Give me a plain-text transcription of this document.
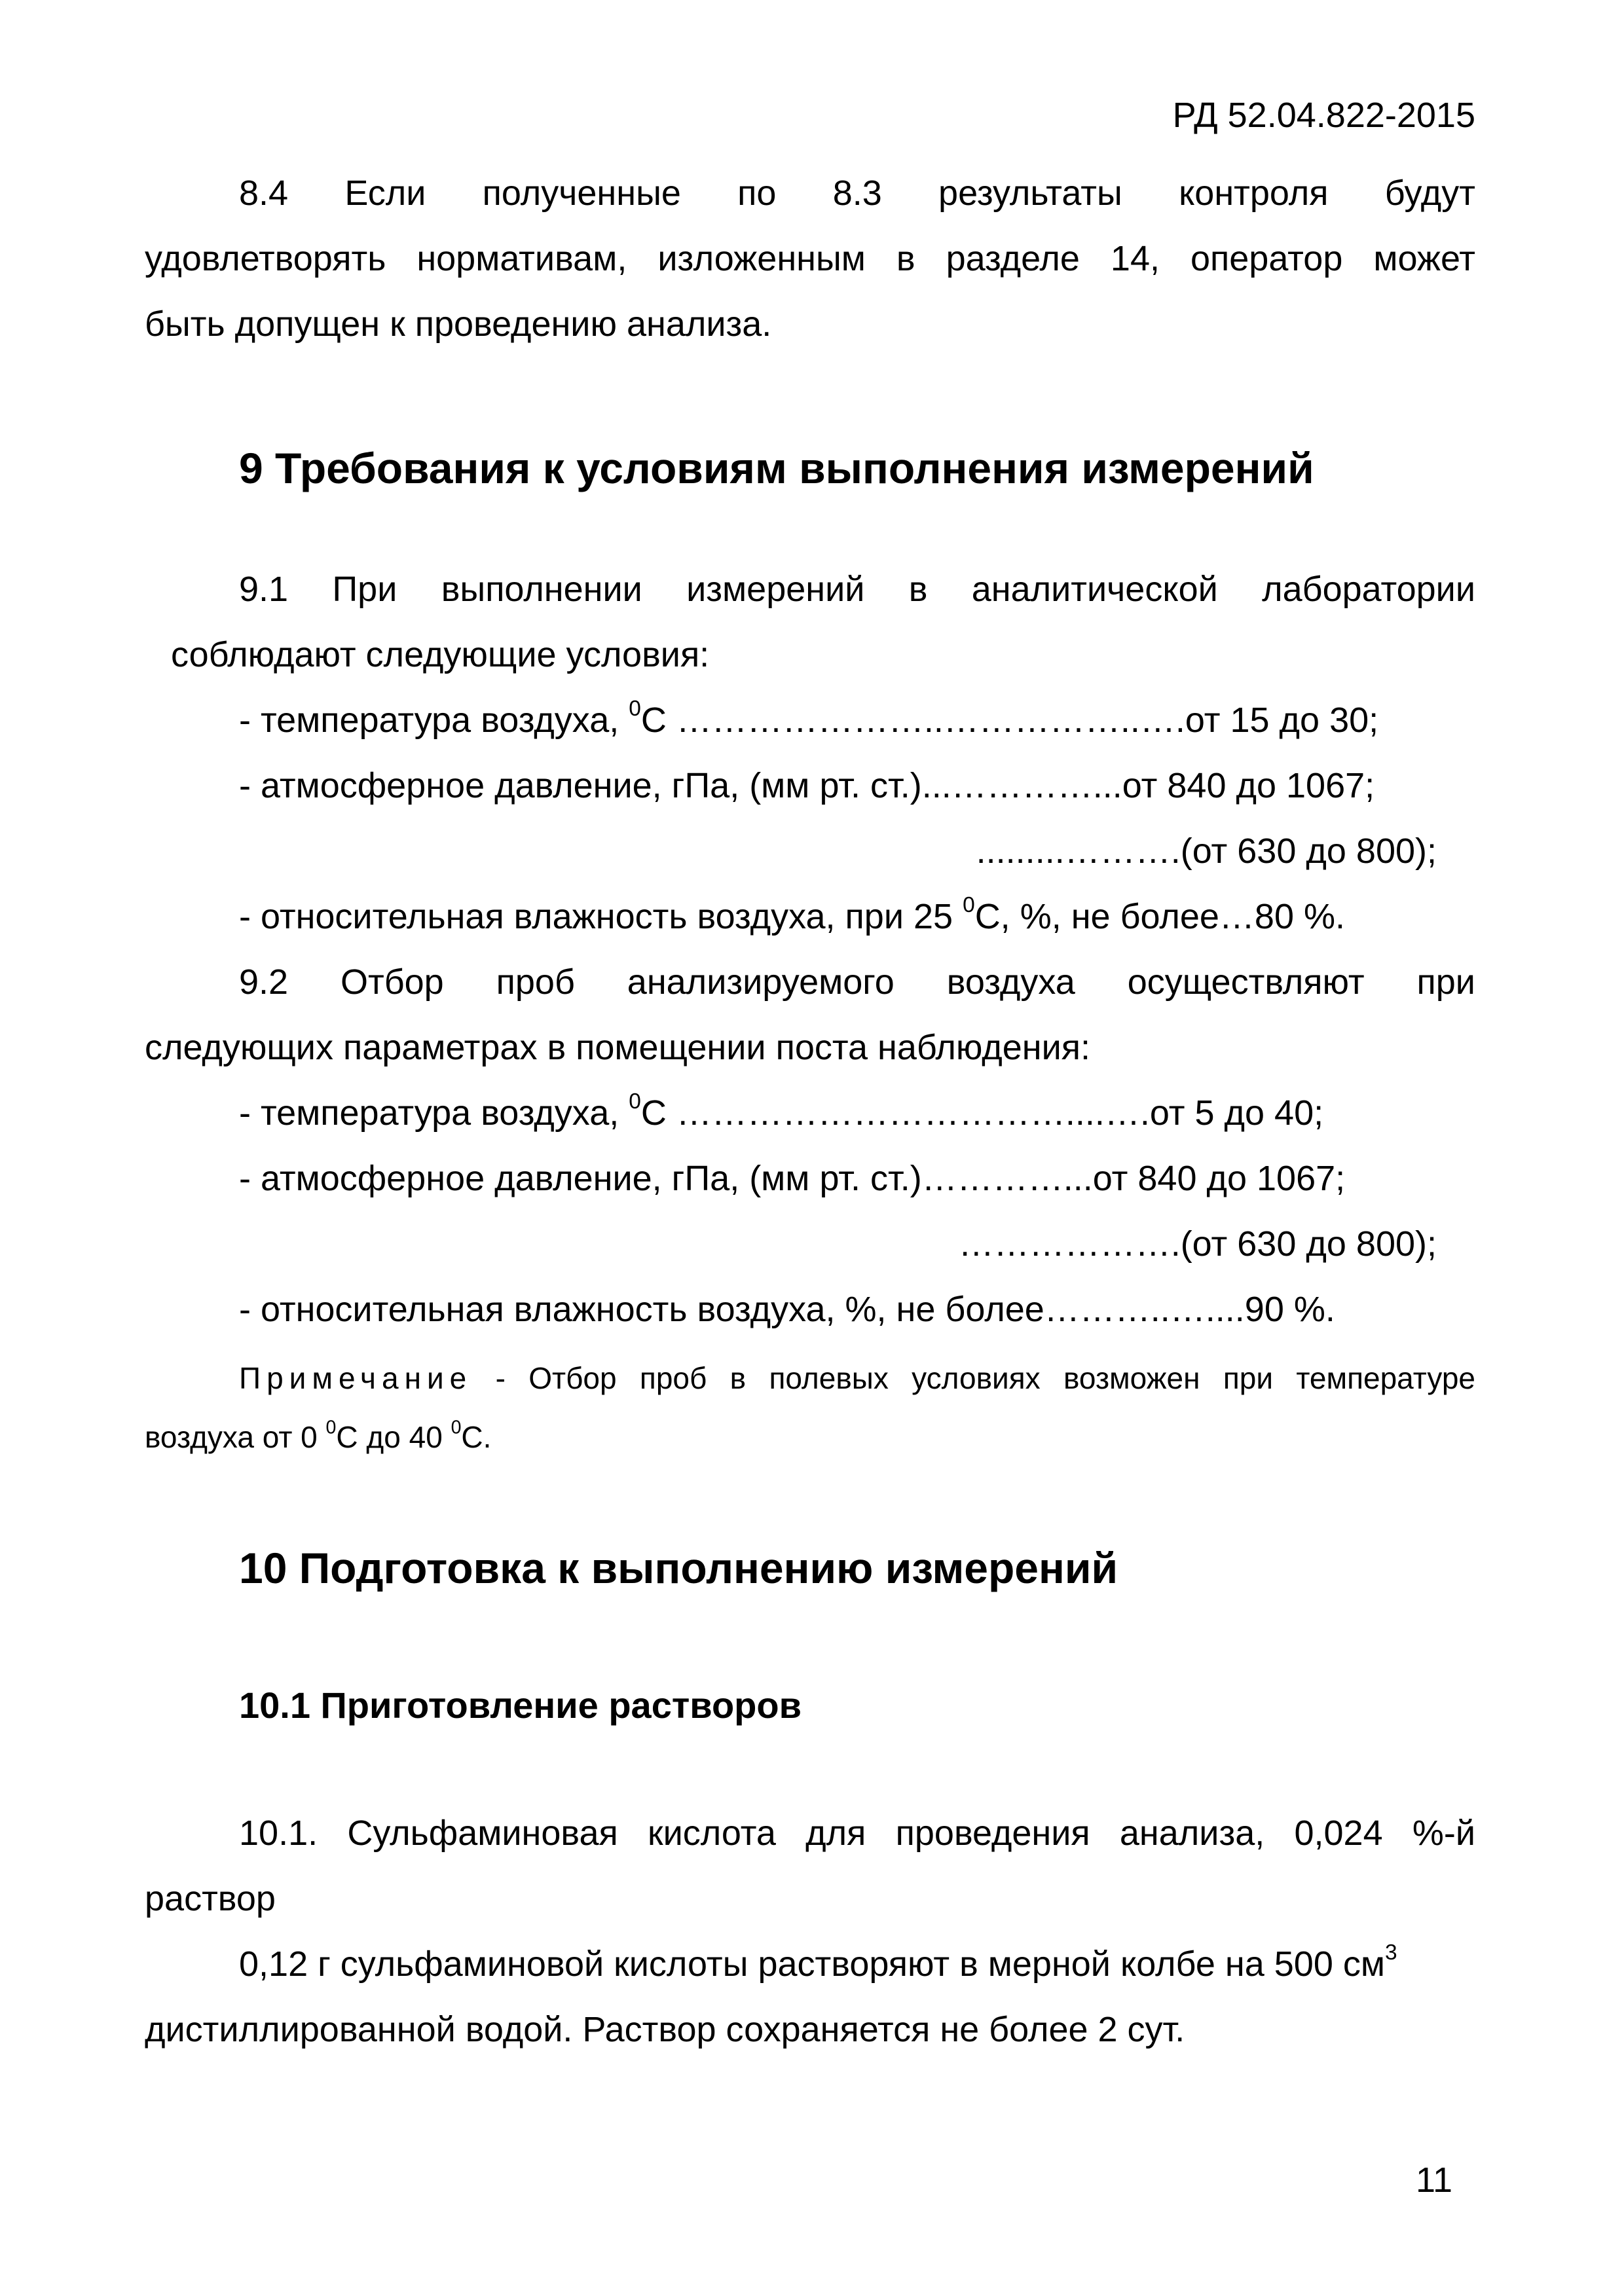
РД 52.04.822-2015
8.4 Если полученные по 8.3 результаты контроля будут
удовлетворять нормативам, изложенным в разделе 14, оператор может
быть допущен к проведению анализа.
9 Требования к условиям выполнения измерений
9.1 При выполнении измерений в аналитической лаборатории
соблюдают следующие условия:
- температура воздуха, $^0$С …………………..……………..….от 15 до 30;
- атмосферное давление, гПа, (мм рт. ст.)...…………...от 840 до 1067;
.........……….(от 630 до 800);
- относительная влажность воздуха, при 25 $^0$С, %, не более…80 %.
9.2 Отбор проб анализируемого воздуха осуществляют при
следующих параметрах в помещении поста наблюдения:
- температура воздуха, $^0$С ……………………………....….от 5 до 40;
- атмосферное давление, гПа, (мм рт. ст.)…………...от 840 до 1067;
……………….(от 630 до 800);
- относительная влажность воздуха, %, не более………..…....90 %.
Примечание - Отбор проб в полевых условиях возможен при температуре
воздуха от 0 $^0$С до 40 $^0$С.
10 Подготовка к выполнению измерений
10.1 Приготовление растворов
10.1. Сульфаминовая кислота для проведения анализа, 0,024 %-й
раствор
0,12 г сульфаминовой кислоты растворяют в мерной колбе на 500 $см^3$
дистиллированной водой. Раствор сохраняется не более 2 сут.
11
